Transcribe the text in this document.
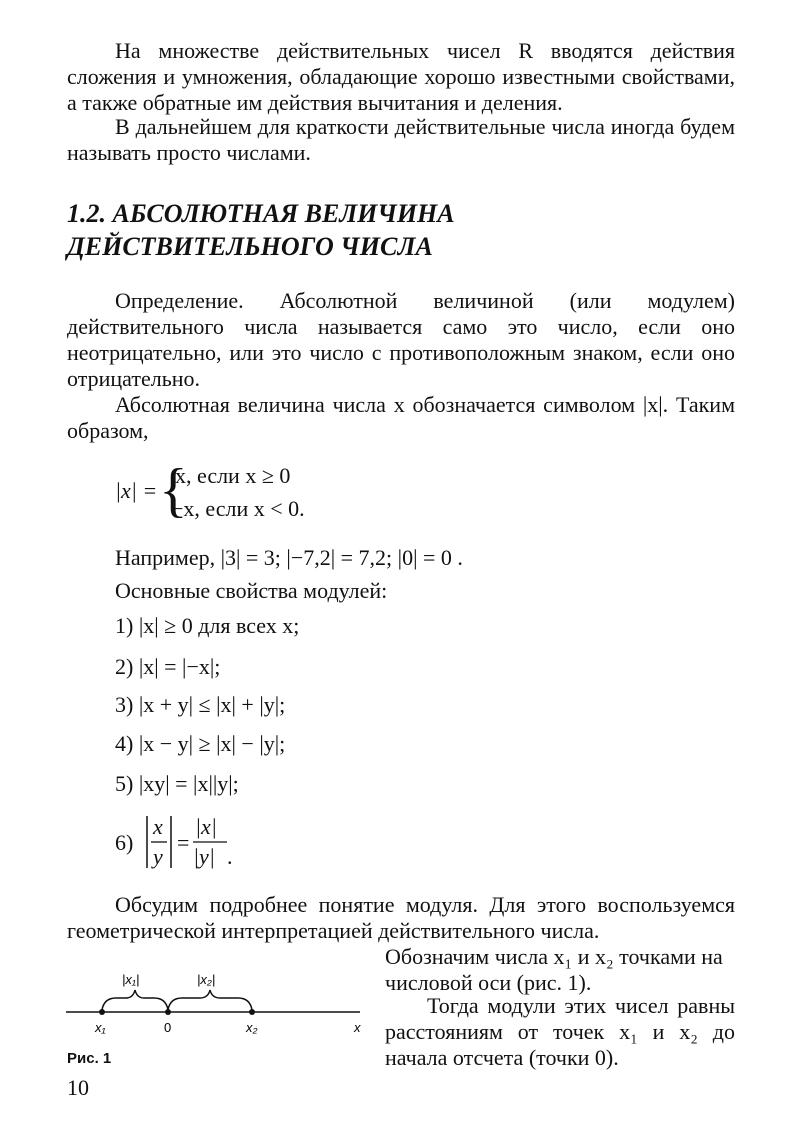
На множестве действительных чисел R вводятся действия сложения и умножения, обладающие хорошо известными свойствами, а также обратные им действия вычитания и деления.
В дальнейшем для краткости действительные числа иногда будем называть просто числами.
1.2. АБСОЛЮТНАЯ ВЕЛИЧИНА
ДЕЙСТВИТЕЛЬНОГО ЧИСЛА
Определение. Абсолютной величиной (или модулем) действительного числа называется само это число, если оно неотрицательно, или это число с противоположным знаком, если оно отрицательно.
Абсолютная величина числа x обозначается символом |x|. Таким образом,
|x| = {
x, если x ≥ 0
−x, если x < 0.
Например, |3| = 3; |−7,2| = 7,2; |0| = 0 .
Основные свойства модулей:
1) |x| ≥ 0 для всех x;
2) |x| = |−x|;
3) |x + y| ≤ |x| + |y|;
4) |x − y| ≥ |x| − |y|;
5) |xy| = |x||y|;
6)
x
y
=
|x|
|y| .
Обсудим подробнее понятие модуля. Для этого воспользуемся геометрической интерпретацией действительного числа.
Обозначим числа x₁ и x₂ точками на числовой оси (рис. 1).
Тогда модули этих чисел равны расстояниям от точек x₁ и x₂ до начала отсчета (точки 0).
|x₁|	|x₂|
x₁	0	x₂	x
Рис. 1
10
